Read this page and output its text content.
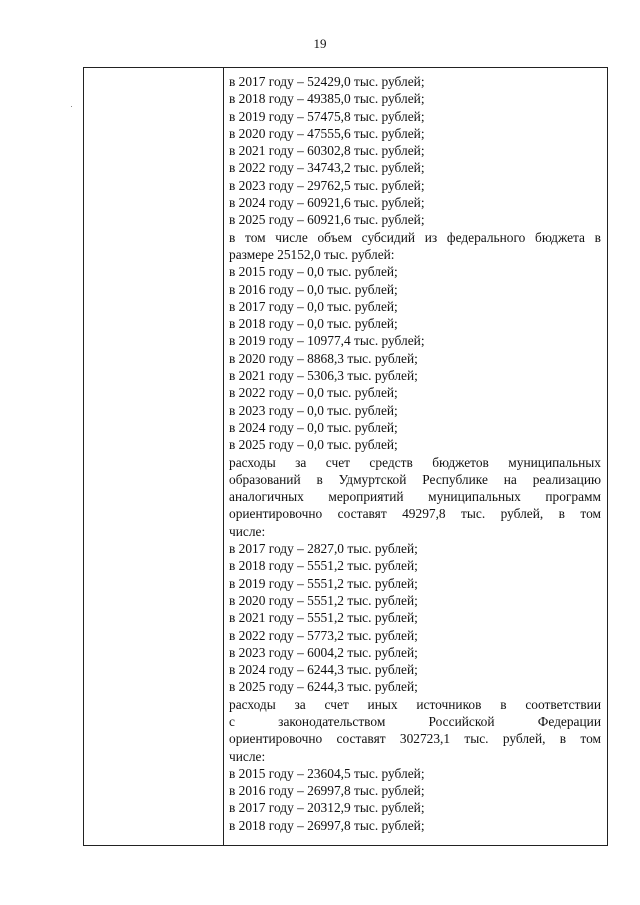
19
в 2017 году – 52429,0 тыс. рублей;
в 2018 году – 49385,0 тыс. рублей;
в 2019 году – 57475,8 тыс. рублей;
в 2020 году – 47555,6 тыс. рублей;
в 2021 году – 60302,8 тыс. рублей;
в 2022 году – 34743,2 тыс. рублей;
в 2023 году – 29762,5 тыс. рублей;
в 2024 году – 60921,6 тыс. рублей;
в 2025 году – 60921,6 тыс. рублей;
в том числе объем субсидий из федерального бюджета в
размере 25152,0 тыс. рублей:
в 2015 году – 0,0 тыс. рублей;
в 2016 году – 0,0 тыс. рублей;
в 2017 году – 0,0 тыс. рублей;
в 2018 году – 0,0 тыс. рублей;
в 2019 году – 10977,4 тыс. рублей;
в 2020 году – 8868,3 тыс. рублей;
в 2021 году – 5306,3 тыс. рублей;
в 2022 году – 0,0 тыс. рублей;
в 2023 году – 0,0 тыс. рублей;
в 2024 году – 0,0 тыс. рублей;
в 2025 году – 0,0 тыс. рублей;
расходы за счет средств бюджетов муниципальных
образований в Удмуртской Республике на реализацию
аналогичных мероприятий муниципальных программ
ориентировочно составят 49297,8 тыс. рублей, в том
числе:
в 2017 году – 2827,0 тыс. рублей;
в 2018 году – 5551,2 тыс. рублей;
в 2019 году – 5551,2 тыс. рублей;
в 2020 году – 5551,2 тыс. рублей;
в 2021 году – 5551,2 тыс. рублей;
в 2022 году – 5773,2 тыс. рублей;
в 2023 году – 6004,2 тыс. рублей;
в 2024 году – 6244,3 тыс. рублей;
в 2025 году – 6244,3 тыс. рублей;
расходы за счет иных источников в соответствии
с законодательством Российской Федерации
ориентировочно составят 302723,1 тыс. рублей, в том
числе:
в 2015 году – 23604,5 тыс. рублей;
в 2016 году – 26997,8 тыс. рублей;
в 2017 году – 20312,9 тыс. рублей;
в 2018 году – 26997,8 тыс. рублей;
